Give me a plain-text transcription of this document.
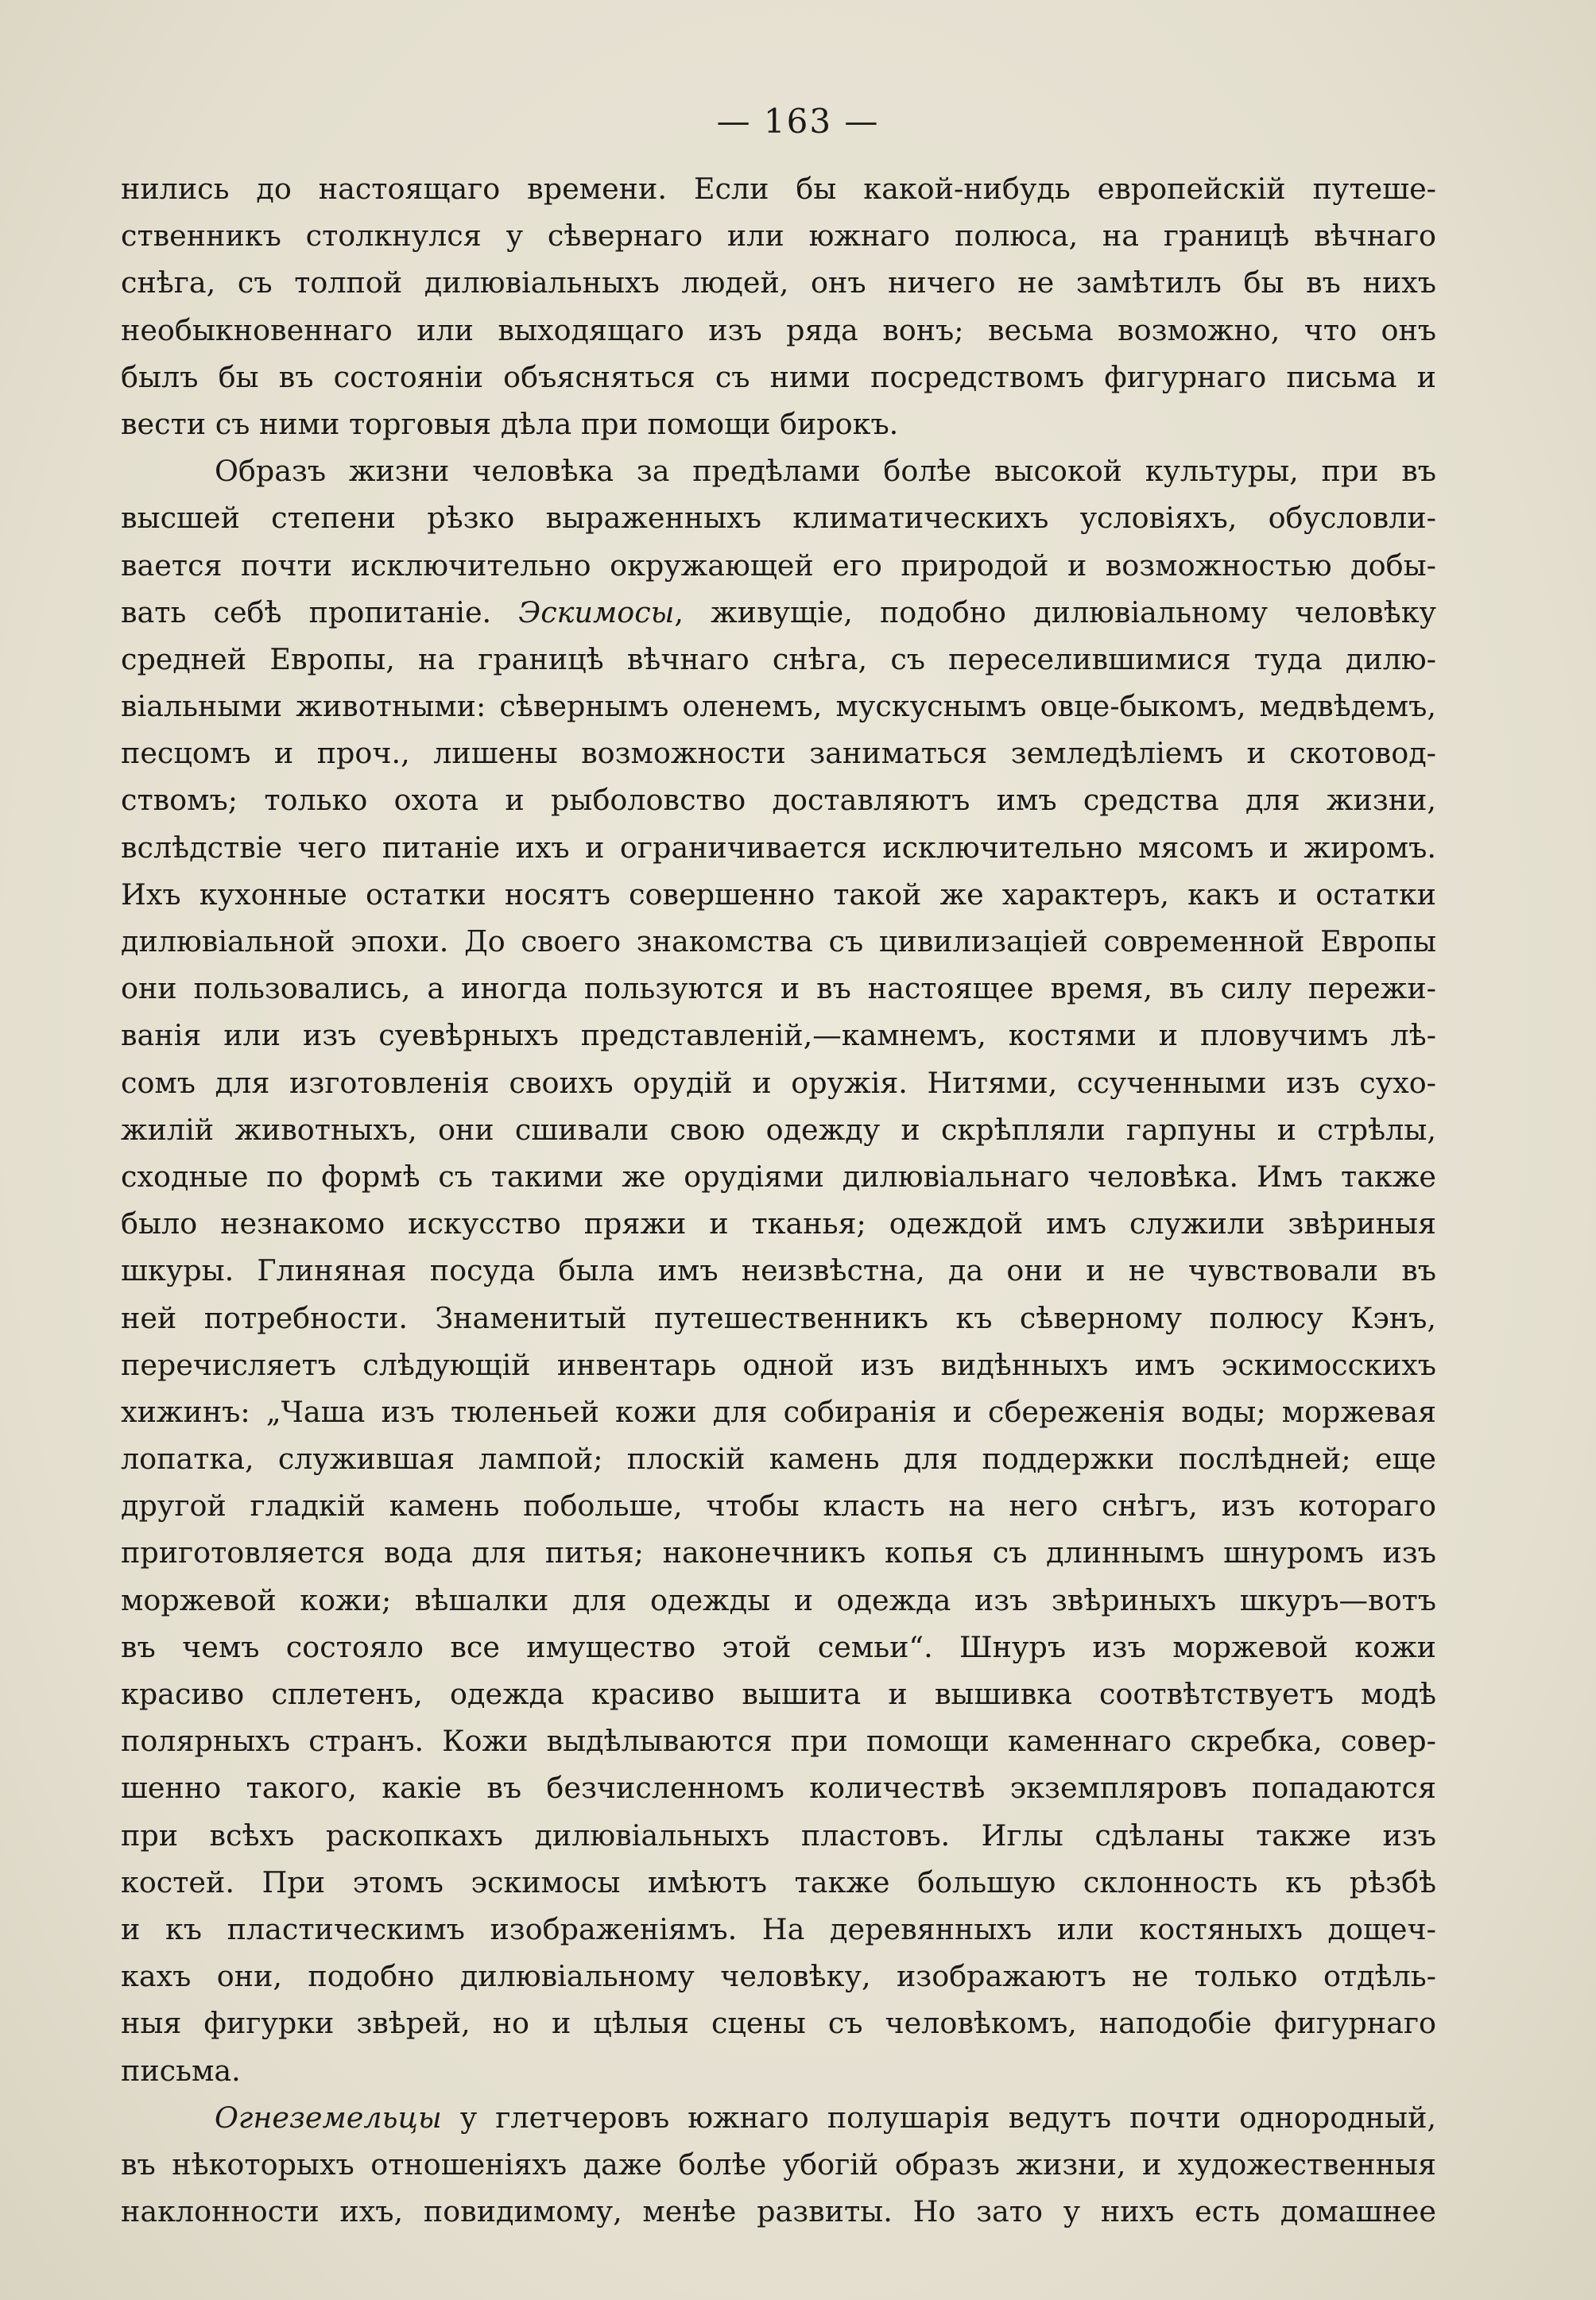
— 163 —
нились до настоящаго времени. Если бы какой-нибудь европейскій путеше-
ственникъ столкнулся у сѣвернаго или южнаго полюса, на границѣ вѣчнаго
снѣга, съ толпой дилювіальныхъ людей, онъ ничего не замѣтилъ бы въ нихъ
необыкновеннаго или выходящаго изъ ряда вонъ; весьма возможно, что онъ
былъ бы въ состояніи объясняться съ ними посредствомъ фигурнаго письма и
вести съ ними торговыя дѣла при помощи бирокъ.
Образъ жизни человѣка за предѣлами болѣе высокой культуры, при въ
высшей степени рѣзко выраженныхъ климатическихъ условіяхъ, обусловли-
вается почти исключительно окружающей его природой и возможностью добы-
вать себѣ пропитаніе. Эскимосы, живущіе, подобно дилювіальному человѣку
средней Европы, на границѣ вѣчнаго снѣга, съ переселившимися туда дилю-
віальными животными: сѣвернымъ оленемъ, мускуснымъ овце-быкомъ, медвѣдемъ,
песцомъ и проч., лишены возможности заниматься земледѣліемъ и скотовод-
ствомъ; только охота и рыболовство доставляютъ имъ средства для жизни,
вслѣдствіе чего питаніе ихъ и ограничивается исключительно мясомъ и жиромъ.
Ихъ кухонные остатки носятъ совершенно такой же характеръ, какъ и остатки
дилювіальной эпохи. До своего знакомства съ цивилизаціей современной Европы
они пользовались, а иногда пользуются и въ настоящее время, въ силу пережи-
ванія или изъ суевѣрныхъ представленій,—камнемъ, костями и пловучимъ лѣ-
сомъ для изготовленія своихъ орудій и оружія. Нитями, ссученными изъ сухо-
жилій животныхъ, они сшивали свою одежду и скрѣпляли гарпуны и стрѣлы,
сходные по формѣ съ такими же орудіями дилювіальнаго человѣка. Имъ также
было незнакомо искусство пряжи и тканья; одеждой имъ служили звѣриныя
шкуры. Глиняная посуда была имъ неизвѣстна, да они и не чувствовали въ
ней потребности. Знаменитый путешественникъ къ сѣверному полюсу Кэнъ,
перечисляетъ слѣдующій инвентарь одной изъ видѣнныхъ имъ эскимосскихъ
хижинъ: „Чаша изъ тюленьей кожи для собиранія и сбереженія воды; моржевая
лопатка, служившая лампой; плоскій камень для поддержки послѣдней; еще
другой гладкій камень побольше, чтобы класть на него снѣгъ, изъ котораго
приготовляется вода для питья; наконечникъ копья съ длиннымъ шнуромъ изъ
моржевой кожи; вѣшалки для одежды и одежда изъ звѣриныхъ шкуръ—вотъ
въ чемъ состояло все имущество этой семьи“. Шнуръ изъ моржевой кожи
красиво сплетенъ, одежда красиво вышита и вышивка соотвѣтствуетъ модѣ
полярныхъ странъ. Кожи выдѣлываются при помощи каменнаго скребка, совер-
шенно такого, какіе въ безчисленномъ количествѣ экземпляровъ попадаются
при всѣхъ раскопкахъ дилювіальныхъ пластовъ. Иглы сдѣланы также изъ
костей. При этомъ эскимосы имѣютъ также большую склонность къ рѣзбѣ
и къ пластическимъ изображеніямъ. На деревянныхъ или костяныхъ дощеч-
кахъ они, подобно дилювіальному человѣку, изображаютъ не только отдѣль-
ныя фигурки звѣрей, но и цѣлыя сцены съ человѣкомъ, наподобіе фигурнаго
письма.
Огнеземельцы у глетчеровъ южнаго полушарія ведутъ почти однородный,
въ нѣкоторыхъ отношеніяхъ даже болѣе убогій образъ жизни, и художественныя
наклонности ихъ, повидимому, менѣе развиты. Но зато у нихъ есть домашнее
